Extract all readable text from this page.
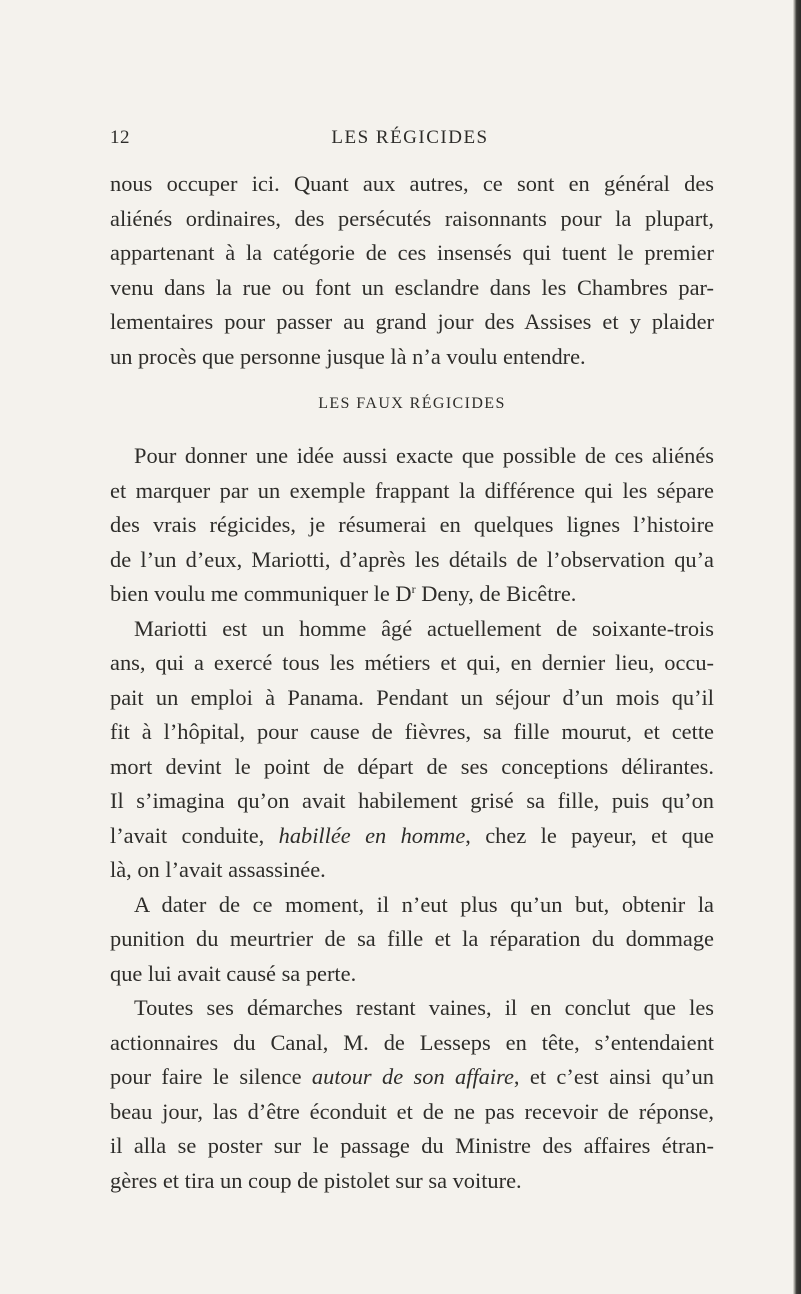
12	LES RÉGICIDES
nous occuper ici. Quant aux autres, ce sont en général des
aliénés ordinaires, des persécutés raisonnants pour la plupart,
appartenant à la catégorie de ces insensés qui tuent le premier
venu dans la rue ou font un esclandre dans les Chambres par-
lementaires pour passer au grand jour des Assises et y plaider
un procès que personne jusque là n’a voulu entendre.
LES FAUX RÉGICIDES
Pour donner une idée aussi exacte que possible de ces aliénés
et marquer par un exemple frappant la différence qui les sépare
des vrais régicides, je résumerai en quelques lignes l’histoire
de l’un d’eux, Mariotti, d’après les détails de l’observation qu’a
bien voulu me communiquer le $D^r$ Deny, de Bicêtre.
Mariotti est un homme âgé actuellement de soixante-trois
ans, qui a exercé tous les métiers et qui, en dernier lieu, occu-
pait un emploi à Panama. Pendant un séjour d’un mois qu’il
fit à l’hôpital, pour cause de fièvres, sa fille mourut, et cette
mort devint le point de départ de ses conceptions délirantes.
Il s’imagina qu’on avait habilement grisé sa fille, puis qu’on
l’avait conduite, habillée en homme, chez le payeur, et que
là, on l’avait assassinée.
A dater de ce moment, il n’eut plus qu’un but, obtenir la
punition du meurtrier de sa fille et la réparation du dommage
que lui avait causé sa perte.
Toutes ses démarches restant vaines, il en conclut que les
actionnaires du Canal, M. de Lesseps en tête, s’entendaient
pour faire le silence autour de son affaire, et c’est ainsi qu’un
beau jour, las d’être éconduit et de ne pas recevoir de réponse,
il alla se poster sur le passage du Ministre des affaires étran-
gères et tira un coup de pistolet sur sa voiture.
